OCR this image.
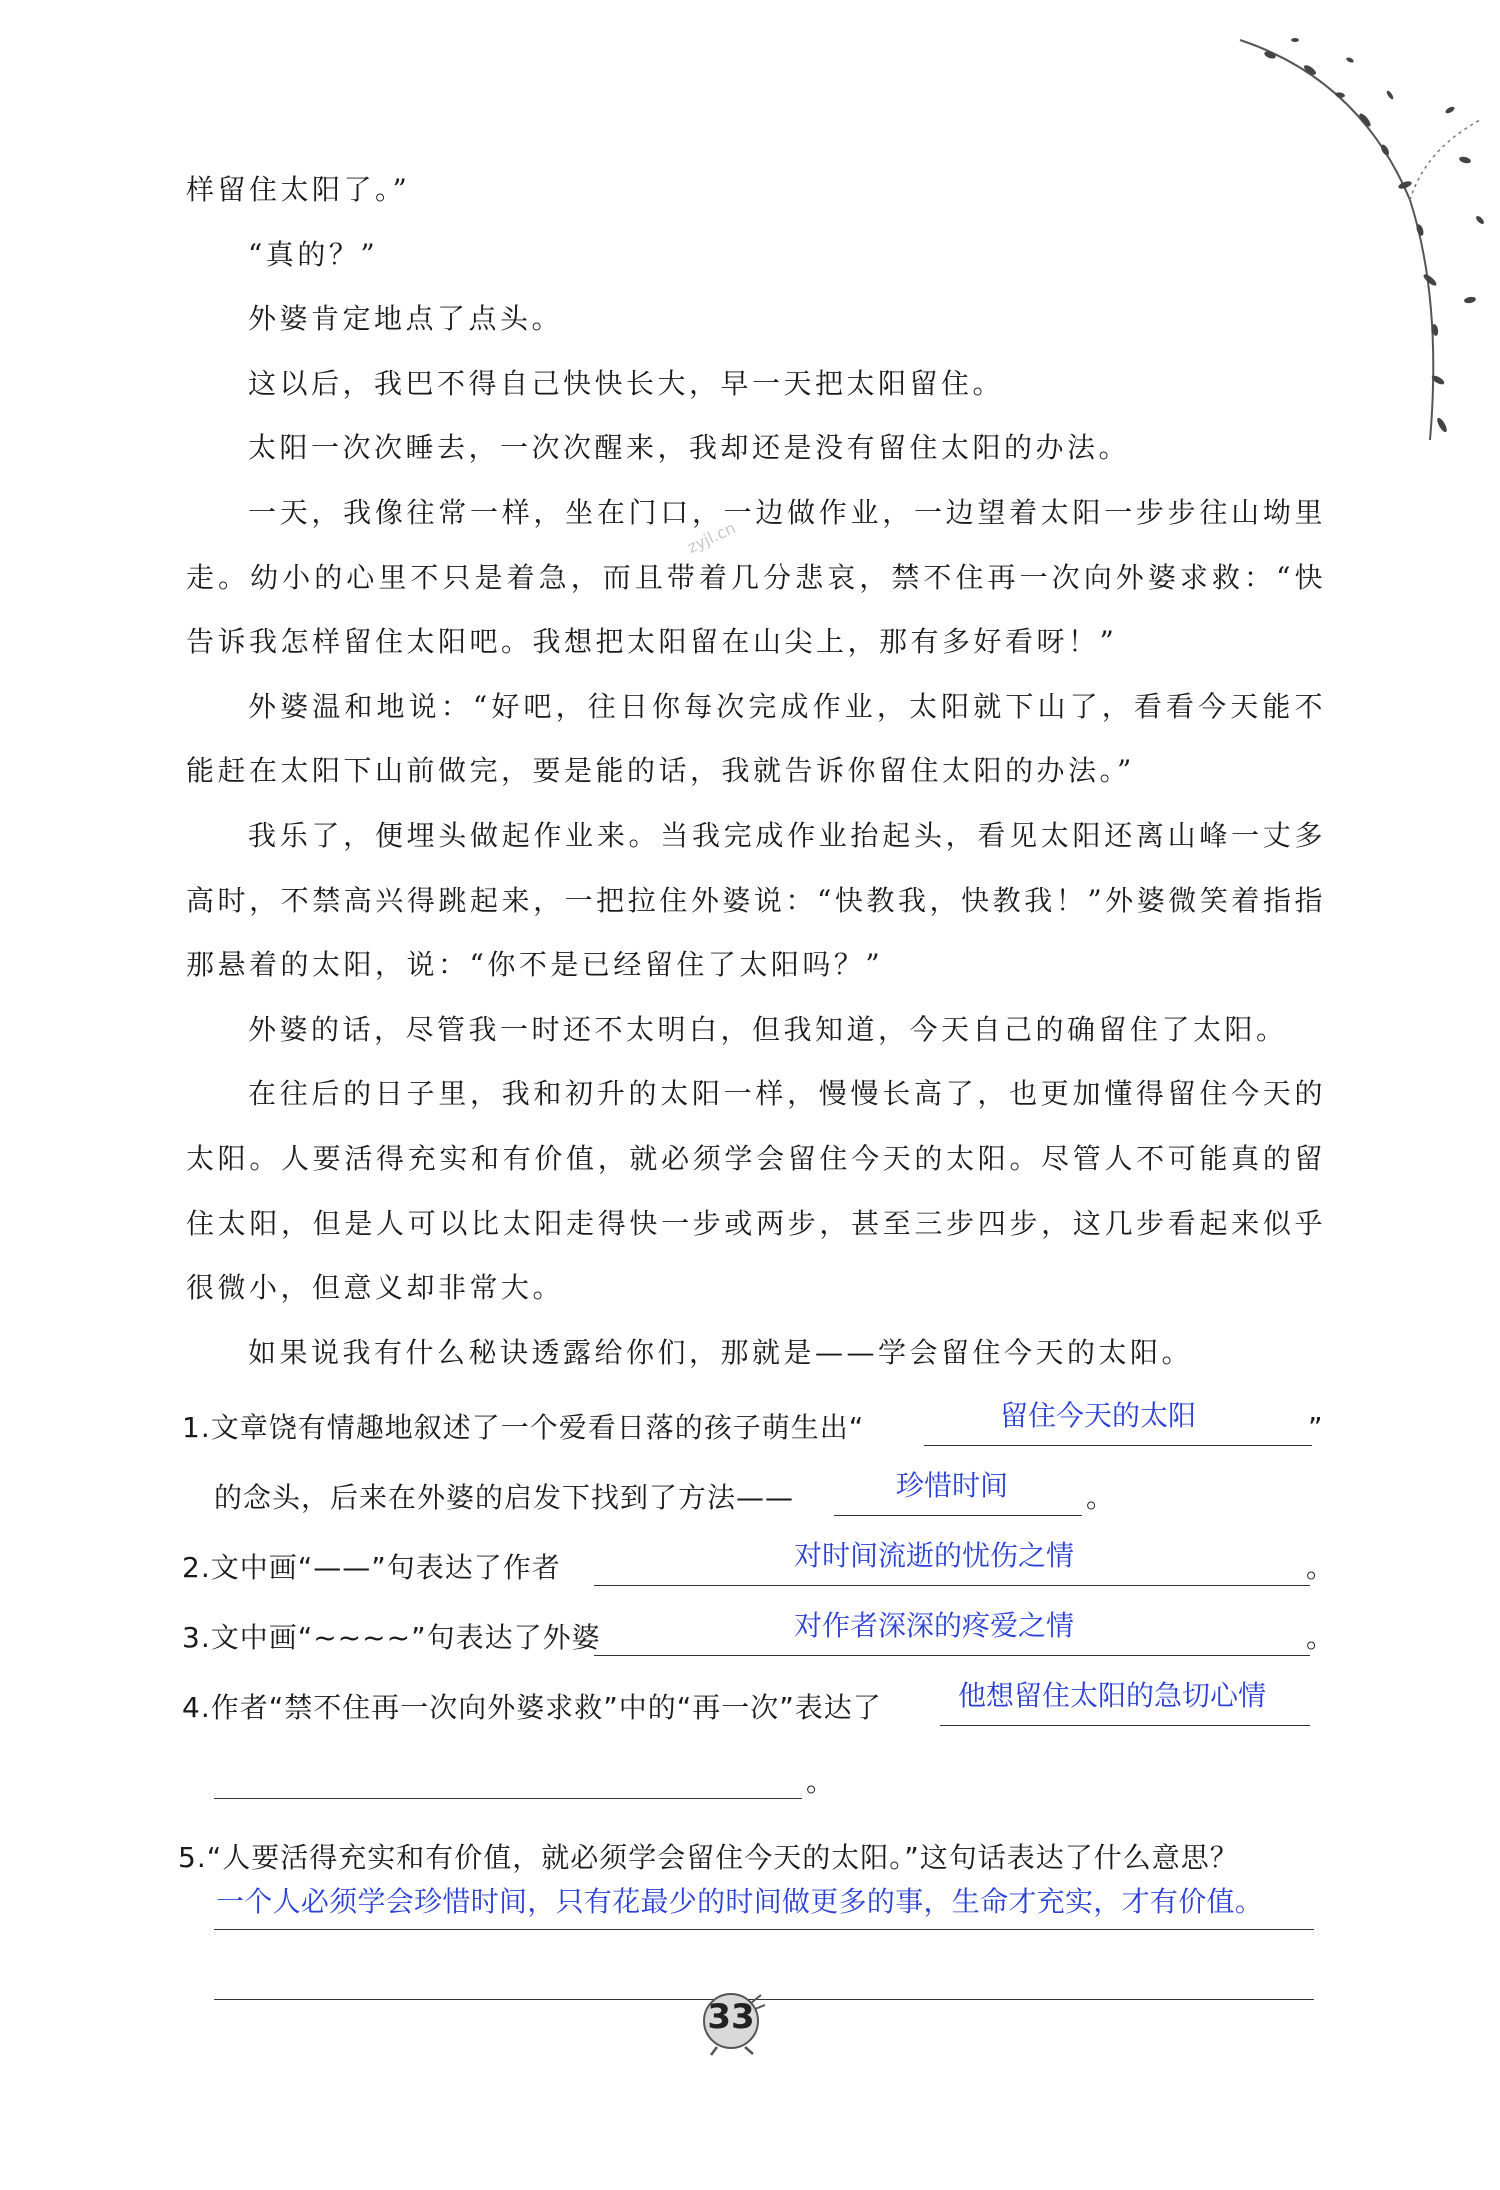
zyjl.cn

样留住太阳了。”

“真的？”

外婆肯定地点了点头。

这以后，我巴不得自己快快长大，早一天把太阳留住。

太阳一次次睡去，一次次醒来，我却还是没有留住太阳的办法。

一天，我像往常一样，坐在门口，一边做作业，一边望着太阳一步步往山坳里走。幼小的心里不只是着急，而且带着几分悲哀，禁不住再一次向外婆求救：“快告诉我怎样留住太阳吧。我想把太阳留在山尖上，那有多好看呀！”

外婆温和地说：“好吧，往日你每次完成作业，太阳就下山了，看看今天能不能赶在太阳下山前做完，要是能的话，我就告诉你留住太阳的办法。”

我乐了，便埋头做起作业来。当我完成作业抬起头，看见太阳还离山峰一丈多高时，不禁高兴得跳起来，一把拉住外婆说：“快教我，快教我！”外婆微笑着指指那悬着的太阳，说：“你不是已经留住了太阳吗？”

外婆的话，尽管我一时还不太明白，但我知道，今天自己的确留住了太阳。

在往后的日子里，我和初升的太阳一样，慢慢长高了，也更加懂得留住今天的太阳。人要活得充实和有价值，就必须学会留住今天的太阳。尽管人不可能真的留住太阳，但是人可以比太阳走得快一步或两步，甚至三步四步，这几步看起来似乎很微小，但意义却非常大。

如果说我有什么秘诀透露给你们，那就是——学会留住今天的太阳。

1.文章饶有情趣地叙述了一个爱看日落的孩子萌生出“	留住今天的太阳	”
的念头，后来在外婆的启发下找到了方法——	珍惜时间	。
2.文中画“——”句表达了作者	对时间流逝的忧伤之情	。
3.文中画“~~~~”句表达了外婆	对作者深深的疼爱之情	。
4.作者“禁不住再一次向外婆求救”中的“再一次”表达了	他想留住太阳的急切心情
。
5.“人要活得充实和有价值，就必须学会留住今天的太阳。”这句话表达了什么意思？
一个人必须学会珍惜时间，只有花最少的时间做更多的事，生命才充实，才有价值。
33
